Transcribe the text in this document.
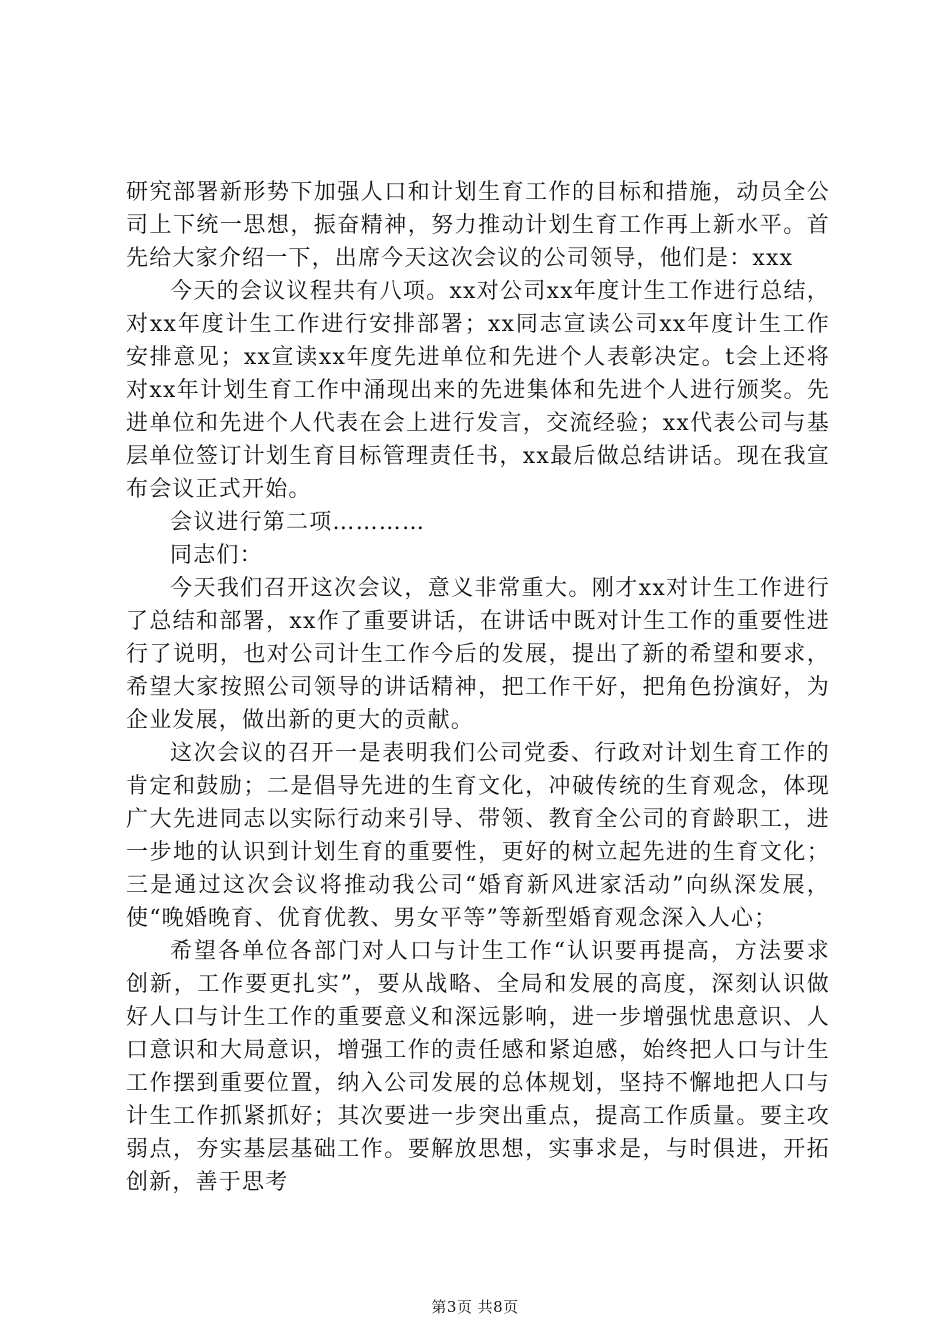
研究部署新形势下加强人口和计划生育工作的目标和措施，动员全公司上下统一思想，振奋精神，努力推动计划生育工作再上新水平。首先给大家介绍一下，出席今天这次会议的公司领导，他们是：xxx

今天的会议议程共有八项。xx对公司xx年度计生工作进行总结，对xx年度计生工作进行安排部署；xx同志宣读公司xx年度计生工作安排意见；xx宣读xx年度先进单位和先进个人表彰决定。t会上还将对xx年计划生育工作中涌现出来的先进集体和先进个人进行颁奖。先进单位和先进个人代表在会上进行发言，交流经验；xx代表公司与基层单位签订计划生育目标管理责任书，xx最后做总结讲话。现在我宣布会议正式开始。

会议进行第二项…………

同志们：

今天我们召开这次会议，意义非常重大。刚才xx对计生工作进行了总结和部署，xx作了重要讲话，在讲话中既对计生工作的重要性进行了说明，也对公司计生工作今后的发展，提出了新的希望和要求，希望大家按照公司领导的讲话精神，把工作干好，把角色扮演好，为企业发展，做出新的更大的贡献。

这次会议的召开一是表明我们公司党委、行政对计划生育工作的肯定和鼓励；二是倡导先进的生育文化，冲破传统的生育观念，体现广大先进同志以实际行动来引导、带领、教育全公司的育龄职工，进一步地的认识到计划生育的重要性，更好的树立起先进的生育文化；三是通过这次会议将推动我公司“婚育新风进家活动”向纵深发展，使“晚婚晚育、优育优教、男女平等”等新型婚育观念深入人心；

希望各单位各部门对人口与计生工作“认识要再提高，方法要求创新，工作要更扎实”，要从战略、全局和发展的高度，深刻认识做好人口与计生工作的重要意义和深远影响，进一步增强忧患意识、人口意识和大局意识，增强工作的责任感和紧迫感，始终把人口与计生工作摆到重要位置，纳入公司发展的总体规划，坚持不懈地把人口与计生工作抓紧抓好；其次要进一步突出重点，提高工作质量。要主攻弱点，夯实基层基础工作。要解放思想，实事求是，与时俱进，开拓创新，善于思考

第3页 共8页
